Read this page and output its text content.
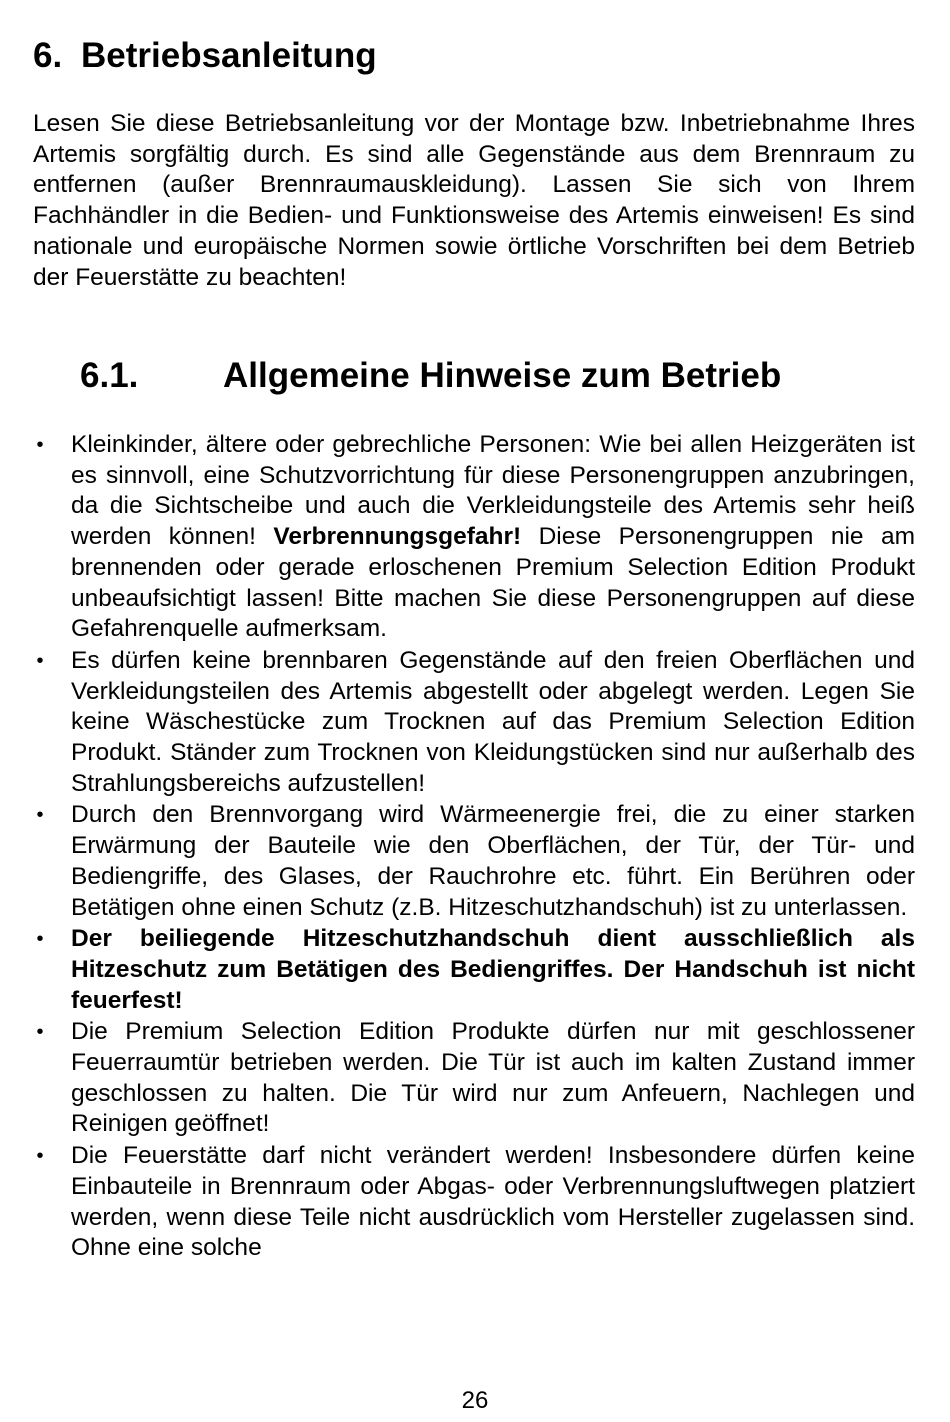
6. Betriebsanleitung

Lesen Sie diese Betriebsanleitung vor der Montage bzw. Inbetriebnahme Ihres Artemis sorgfältig durch. Es sind alle Gegenstände aus dem Brennraum zu entfernen (außer Brennraumauskleidung). Lassen Sie sich von Ihrem Fachhändler in die Bedien- und Funktionsweise des Artemis einweisen! Es sind nationale und europäische Normen sowie örtliche Vorschriften bei dem Betrieb der Feuerstätte zu beachten!

6.1. Allgemeine Hinweise zum Betrieb
•
Kleinkinder, ältere oder gebrechliche Personen: Wie bei allen Heizgeräten ist es sinnvoll, eine Schutzvorrichtung für diese Personengruppen anzubringen, da die Sichtscheibe und auch die Verkleidungsteile des Artemis sehr heiß werden können! Verbrennungsgefahr! Diese Personengruppen nie am brennenden oder gerade erloschenen Premium Selection Edition Produkt unbeaufsichtigt lassen! Bitte machen Sie diese Personengruppen auf diese Gefahrenquelle aufmerksam.
•
Es dürfen keine brennbaren Gegenstände auf den freien Oberflächen und Verkleidungsteilen des Artemis abgestellt oder abgelegt werden. Legen Sie keine Wäschestücke zum Trocknen auf das Premium Selection Edition Produkt. Ständer zum Trocknen von Kleidungstücken sind nur außerhalb des Strahlungsbereichs aufzustellen!
•
Durch den Brennvorgang wird Wärmeenergie frei, die zu einer starken Erwärmung der Bauteile wie den Oberflächen, der Tür, der Tür- und Bediengriffe, des Glases, der Rauchrohre etc. führt. Ein Berühren oder Betätigen ohne einen Schutz (z.B. Hitzeschutzhandschuh) ist zu unterlassen.
•
Der beiliegende Hitzeschutzhandschuh dient ausschließlich als Hitzeschutz zum Betätigen des Bediengriffes. Der Handschuh ist nicht feuerfest!
•
Die Premium Selection Edition Produkte dürfen nur mit geschlossener Feuerraumtür betrieben werden. Die Tür ist auch im kalten Zustand immer geschlossen zu halten. Die Tür wird nur zum Anfeuern, Nachlegen und Reinigen geöffnet!
•
Die Feuerstätte darf nicht verändert werden! Insbesondere dürfen keine Einbauteile in Brennraum oder Abgas- oder Verbrennungsluftwegen platziert werden, wenn diese Teile nicht ausdrücklich vom Hersteller zugelassen sind. Ohne eine solche
26
